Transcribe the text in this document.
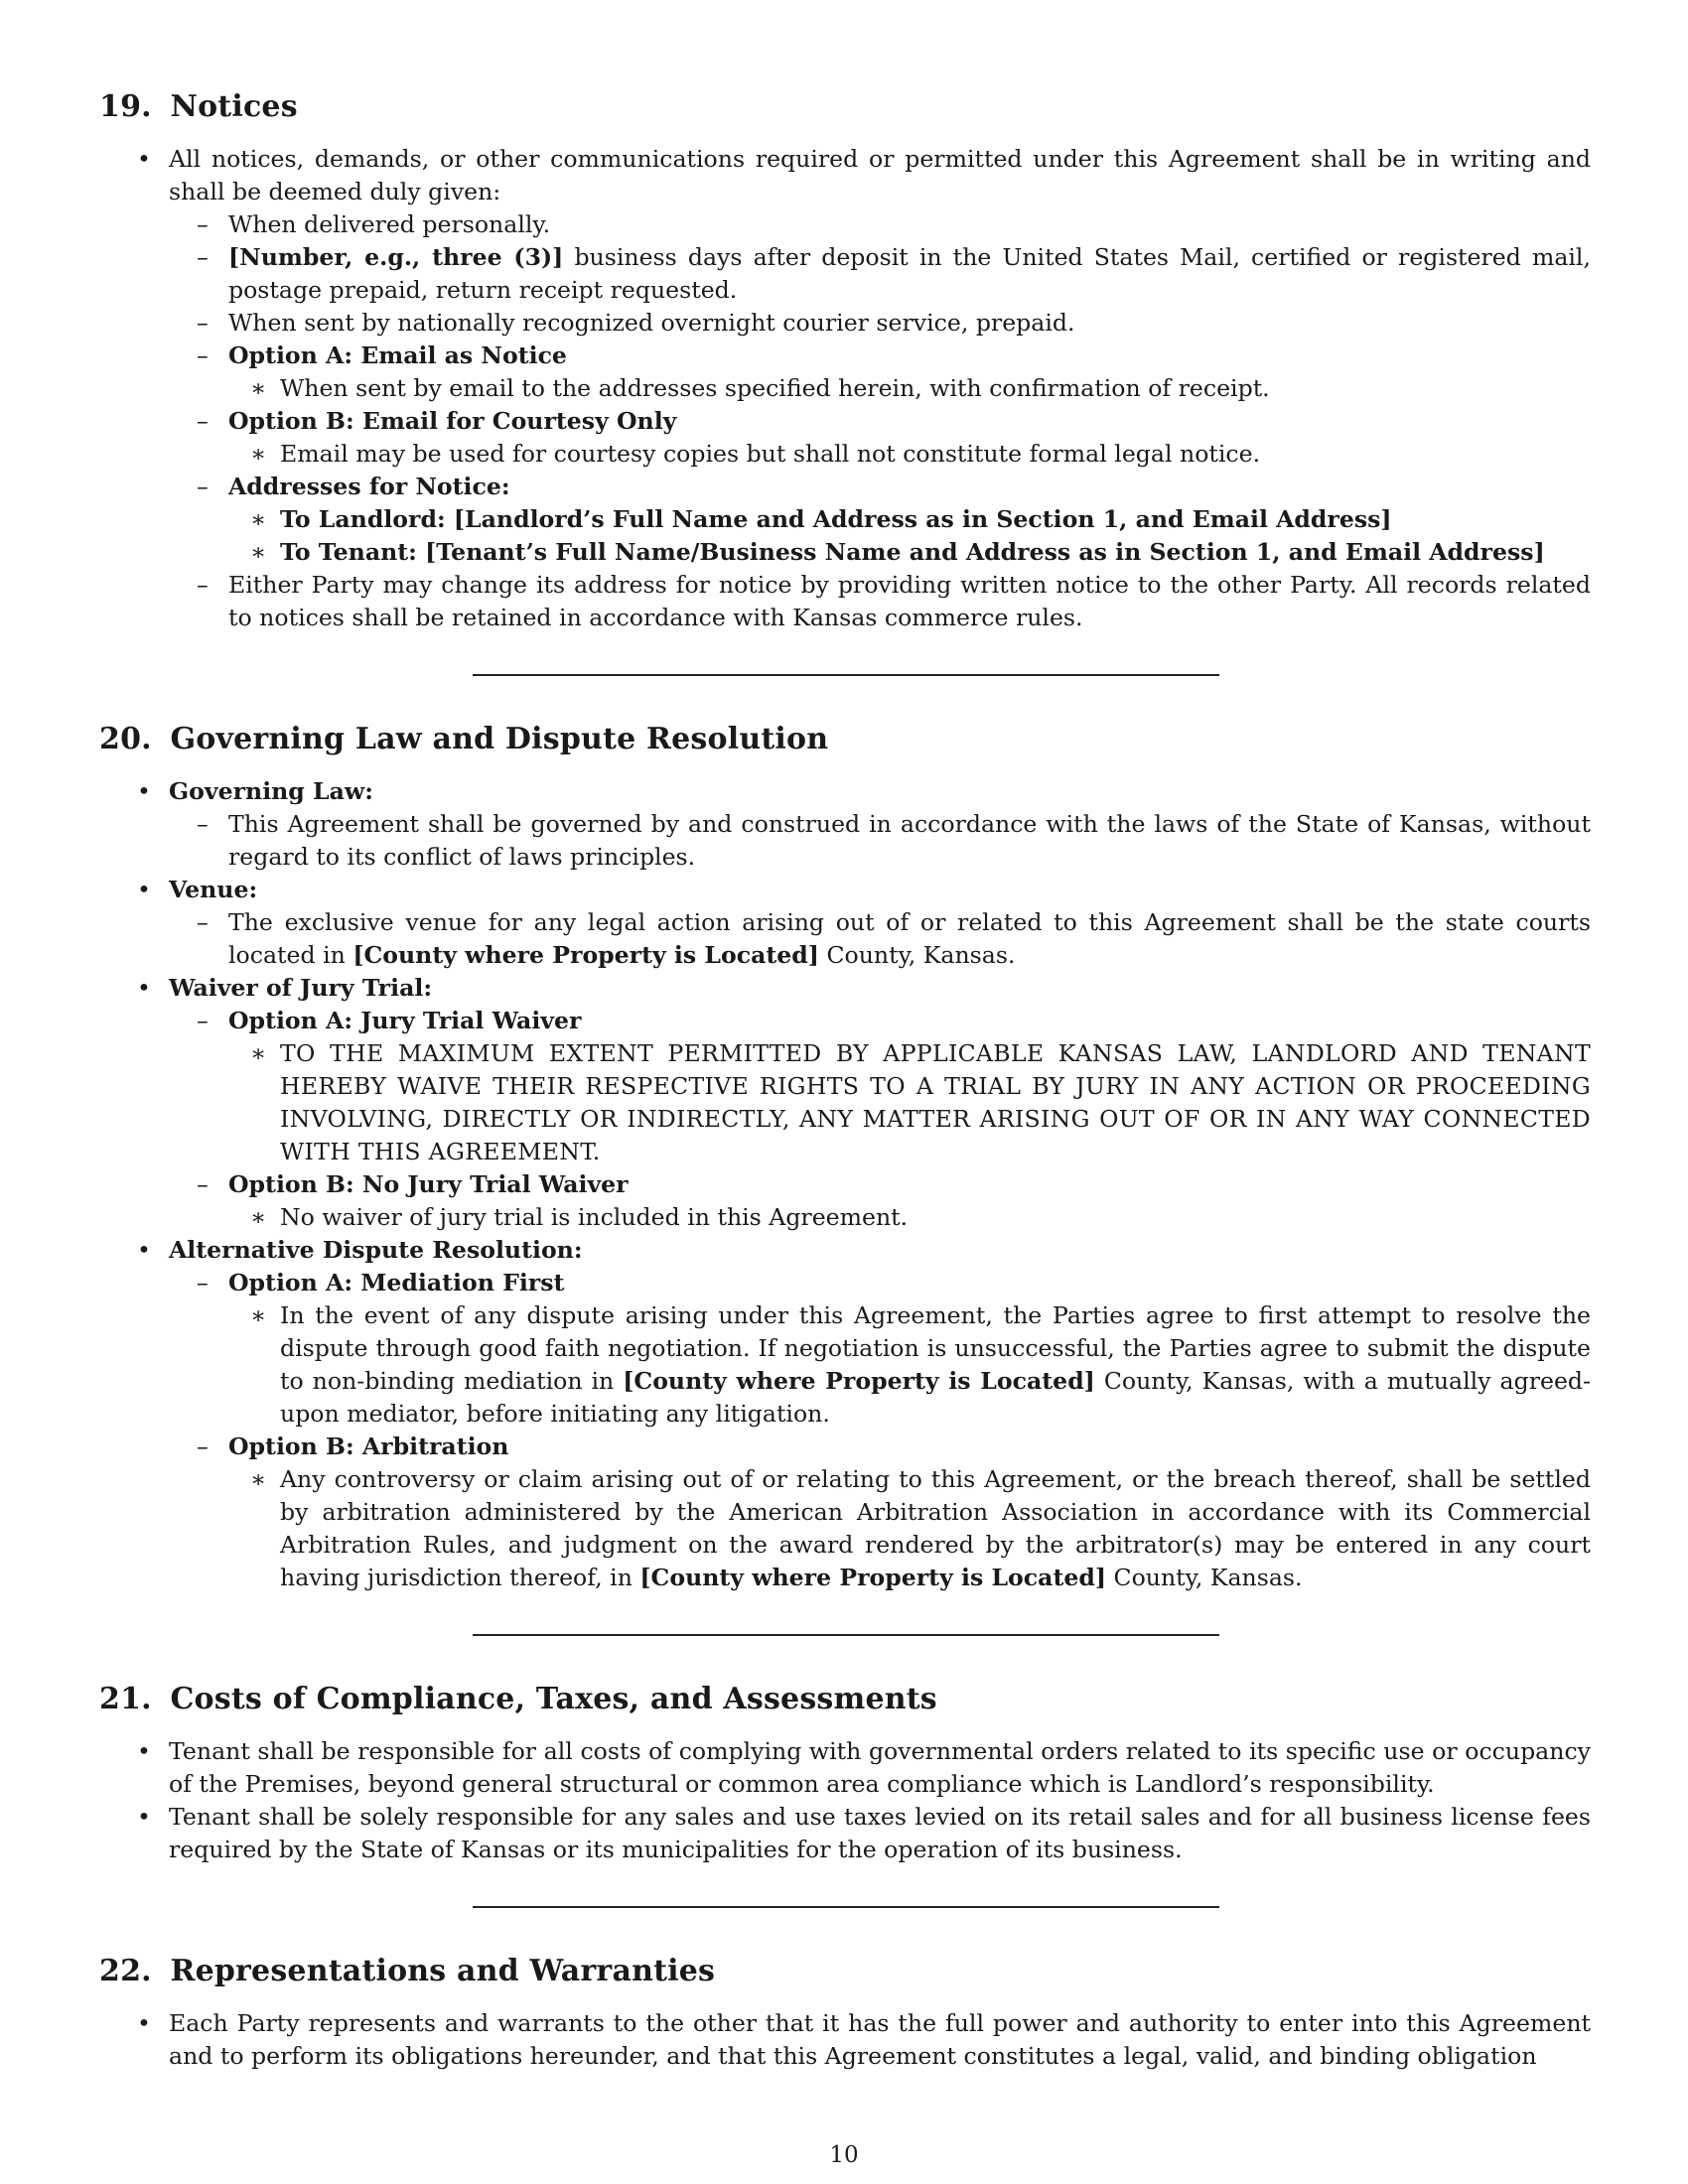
19. Notices
• All notices, demands, or other communications required or permitted under this Agreement shall be in writing and shall be deemed duly given:
– When delivered personally.
– [Number, e.g., three (3)] business days after deposit in the United States Mail, certified or registered mail, postage prepaid, return receipt requested.
– When sent by nationally recognized overnight courier service, prepaid.
– Option A: Email as Notice
∗ When sent by email to the addresses specified herein, with confirmation of receipt.
– Option B: Email for Courtesy Only
∗ Email may be used for courtesy copies but shall not constitute formal legal notice.
– Addresses for Notice:
∗ To Landlord: [Landlord’s Full Name and Address as in Section 1, and Email Address]
∗ To Tenant: [Tenant’s Full Name/Business Name and Address as in Section 1, and Email Address]
– Either Party may change its address for notice by providing written notice to the other Party. All records related to notices shall be retained in accordance with Kansas commerce rules.
20. Governing Law and Dispute Resolution
• Governing Law:
– This Agreement shall be governed by and construed in accordance with the laws of the State of Kansas, without regard to its conflict of laws principles.
• Venue:
– The exclusive venue for any legal action arising out of or related to this Agreement shall be the state courts located in [County where Property is Located] County, Kansas.
• Waiver of Jury Trial:
– Option A: Jury Trial Waiver
∗ TO THE MAXIMUM EXTENT PERMITTED BY APPLICABLE KANSAS LAW, LANDLORD AND TENANT HEREBY WAIVE THEIR RESPECTIVE RIGHTS TO A TRIAL BY JURY IN ANY ACTION OR PROCEEDING INVOLVING, DIRECTLY OR INDIRECTLY, ANY MATTER ARISING OUT OF OR IN ANY WAY CONNECTED WITH THIS AGREEMENT.
– Option B: No Jury Trial Waiver
∗ No waiver of jury trial is included in this Agreement.
• Alternative Dispute Resolution:
– Option A: Mediation First
∗ In the event of any dispute arising under this Agreement, the Parties agree to first attempt to resolve the dispute through good faith negotiation. If negotiation is unsuccessful, the Parties agree to submit the dispute to non-binding mediation in [County where Property is Located] County, Kansas, with a mutually agreed-upon mediator, before initiating any litigation.
– Option B: Arbitration
∗ Any controversy or claim arising out of or relating to this Agreement, or the breach thereof, shall be settled by arbitration administered by the American Arbitration Association in accordance with its Commercial Arbitration Rules, and judgment on the award rendered by the arbitrator(s) may be entered in any court having jurisdiction thereof, in [County where Property is Located] County, Kansas.
21. Costs of Compliance, Taxes, and Assessments
• Tenant shall be responsible for all costs of complying with governmental orders related to its specific use or occupancy of the Premises, beyond general structural or common area compliance which is Landlord’s responsibility.
• Tenant shall be solely responsible for any sales and use taxes levied on its retail sales and for all business license fees required by the State of Kansas or its municipalities for the operation of its business.
22. Representations and Warranties
• Each Party represents and warrants to the other that it has the full power and authority to enter into this Agreement and to perform its obligations hereunder, and that this Agreement constitutes a legal, valid, and binding obligation
10
